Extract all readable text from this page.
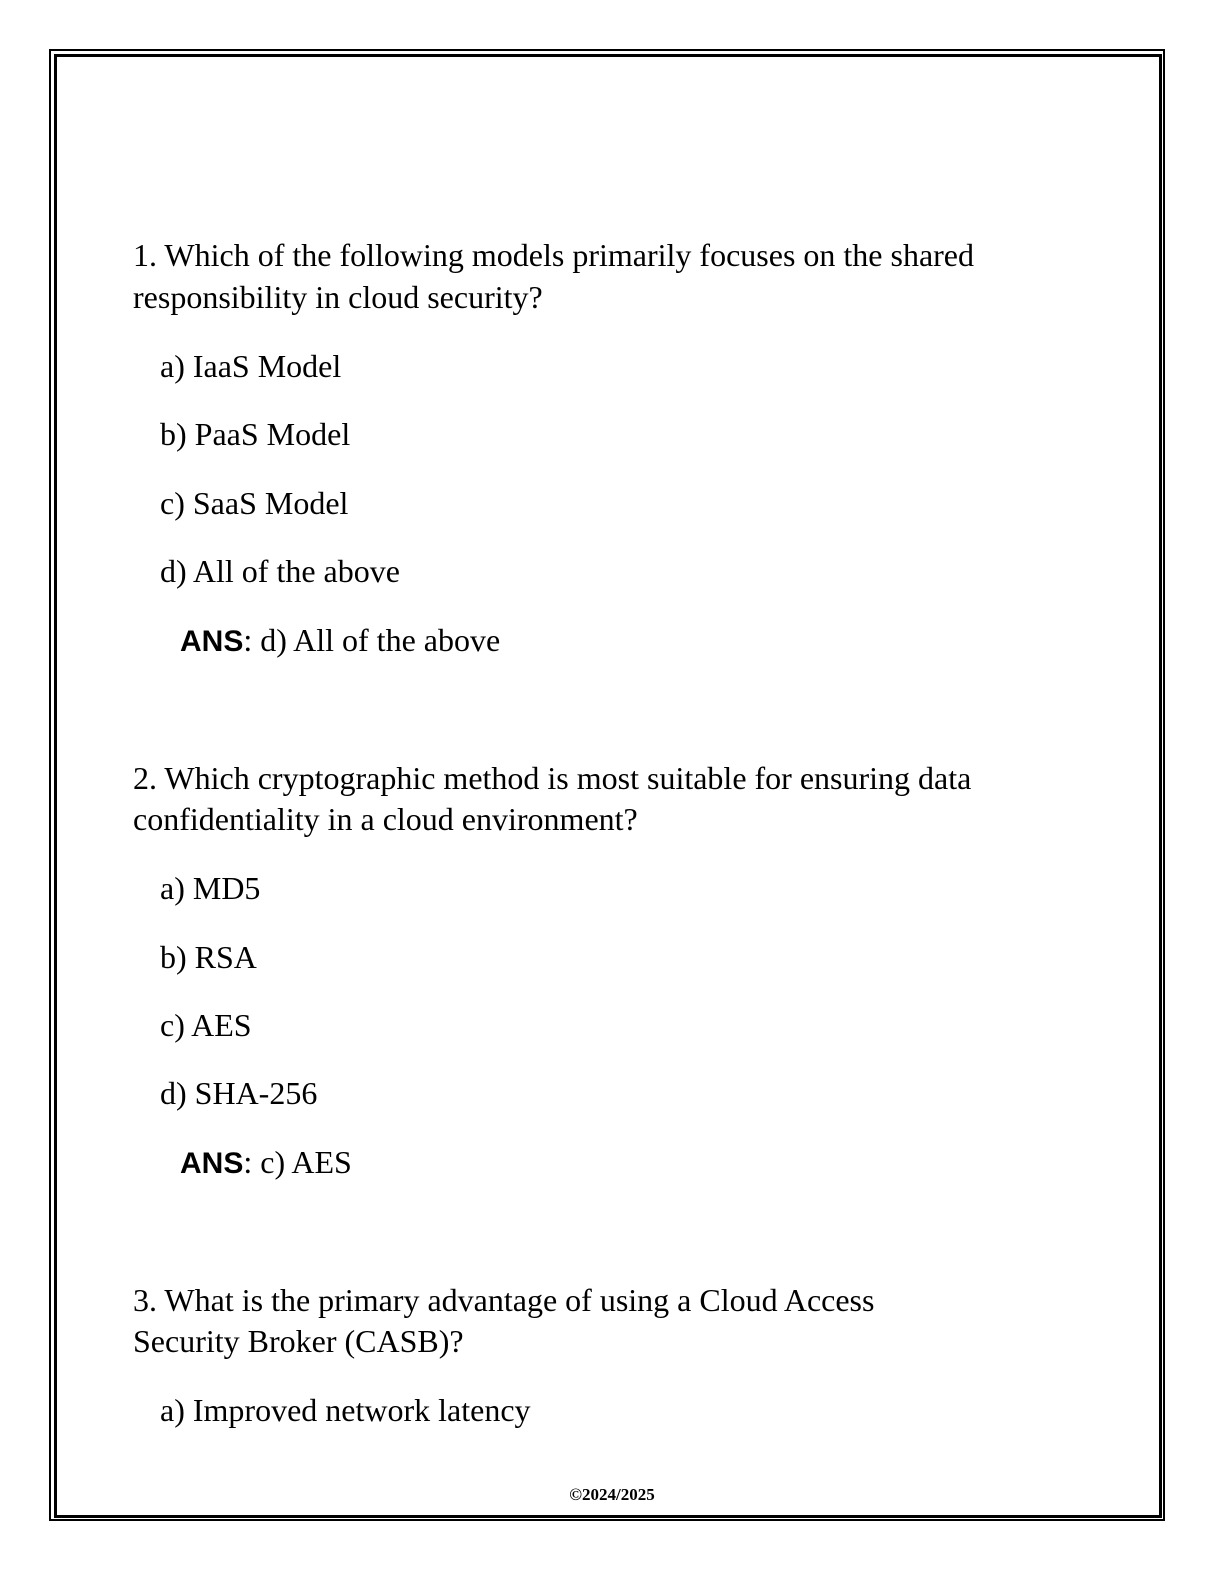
1. Which of the following models primarily focuses on the shared
responsibility in cloud security?
a) IaaS Model
b) PaaS Model
c) SaaS Model
d) All of the above
ANS: d) All of the above
2. Which cryptographic method is most suitable for ensuring data
confidentiality in a cloud environment?
a) MD5
b) RSA
c) AES
d) SHA-256
ANS: c) AES
3. What is the primary advantage of using a Cloud Access
Security Broker (CASB)?
a) Improved network latency
©2024/2025
